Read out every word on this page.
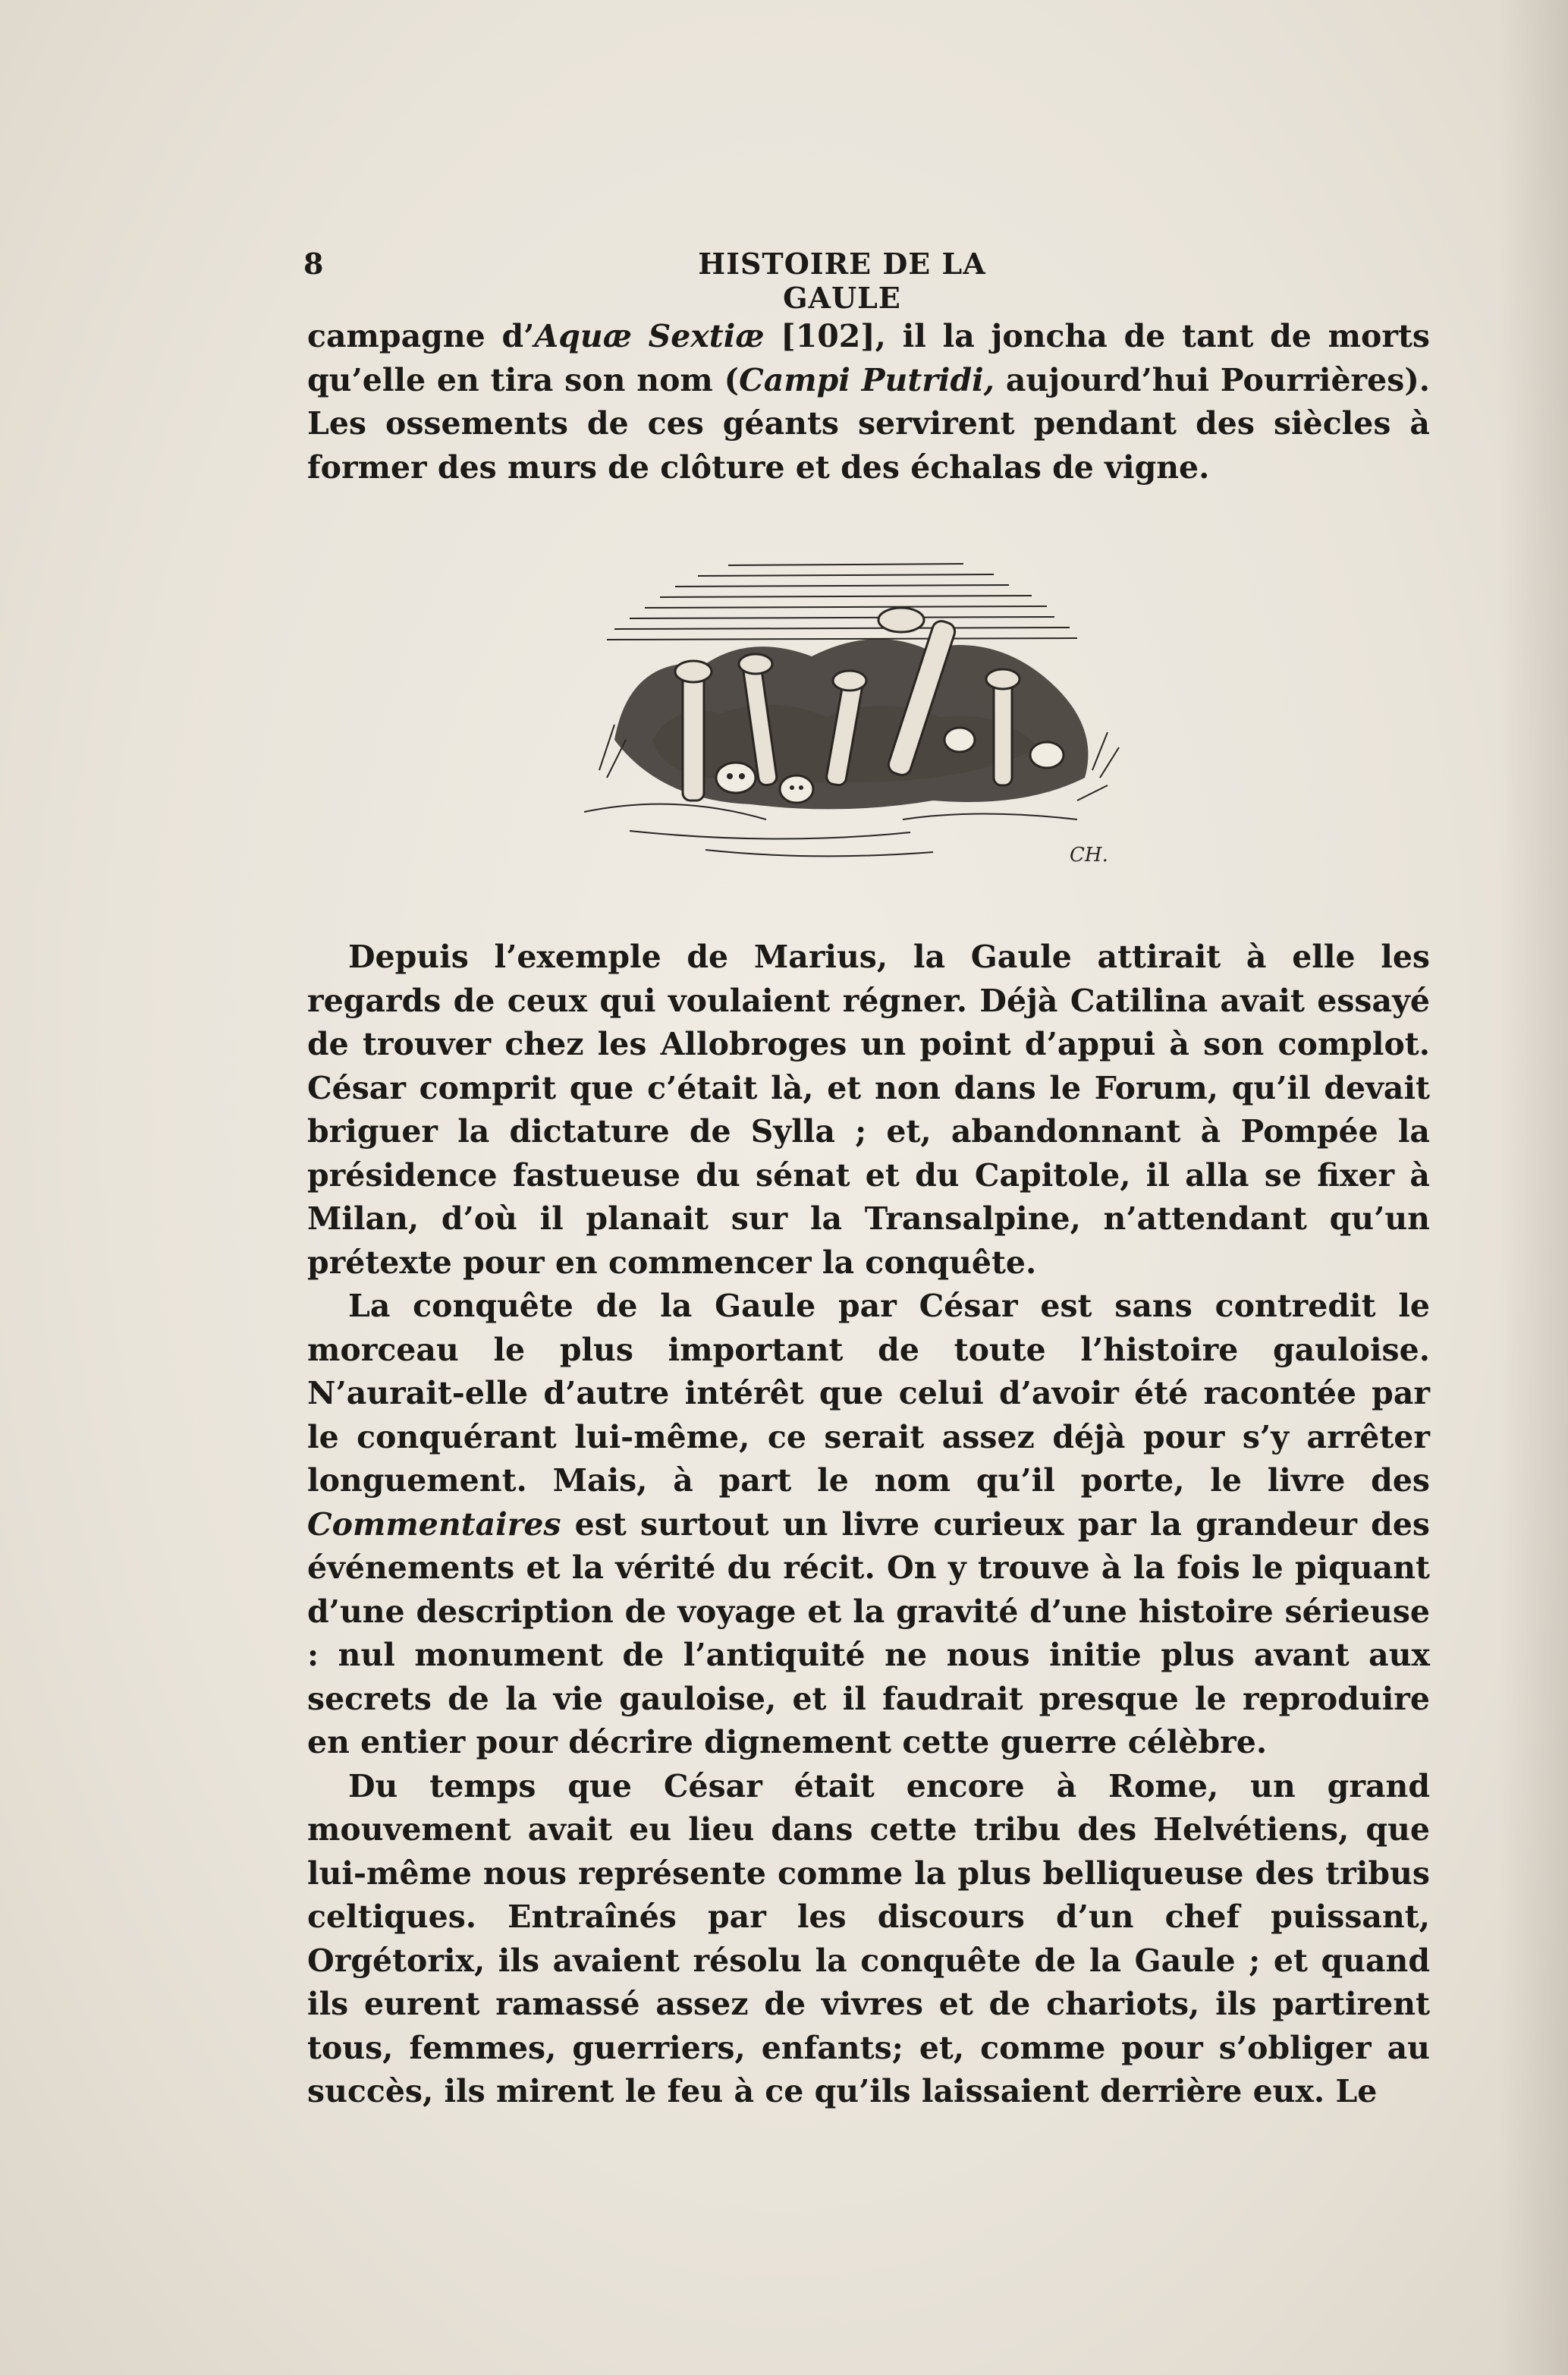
8	HISTOIRE DE LA GAULE

campagne d’Aquæ Sextiæ [102], il la joncha de tant de morts qu’elle en tira son nom (Campi Putridi, aujourd’hui Pourrières). Les ossements de ces géants servirent pendant des siècles à former des murs de clôture et des échalas de vigne.

CH.

Depuis l’exemple de Marius, la Gaule attirait à elle les regards de ceux qui voulaient régner. Déjà Catilina avait essayé de trouver chez les Allobroges un point d’appui à son complot. César comprit que c’était là, et non dans le Forum, qu’il devait briguer la dictature de Sylla ; et, abandonnant à Pompée la présidence fastueuse du sénat et du Capitole, il alla se fixer à Milan, d’où il planait sur la Transalpine, n’attendant qu’un prétexte pour en commencer la conquête.

La conquête de la Gaule par César est sans contredit le morceau le plus important de toute l’histoire gauloise. N’aurait-elle d’autre intérêt que celui d’avoir été racontée par le conquérant lui-même, ce serait assez déjà pour s’y arrêter longuement. Mais, à part le nom qu’il porte, le livre des Commentaires est surtout un livre curieux par la grandeur des événements et la vérité du récit. On y trouve à la fois le piquant d’une description de voyage et la gravité d’une histoire sérieuse : nul monument de l’antiquité ne nous initie plus avant aux secrets de la vie gauloise, et il faudrait presque le reproduire en entier pour décrire dignement cette guerre célèbre.

Du temps que César était encore à Rome, un grand mouvement avait eu lieu dans cette tribu des Helvétiens, que lui-même nous représente comme la plus belliqueuse des tribus celtiques. Entraînés par les discours d’un chef puissant, Orgétorix, ils avaient résolu la conquête de la Gaule ; et quand ils eurent ramassé assez de vivres et de chariots, ils partirent tous, femmes, guerriers, enfants; et, comme pour s’obliger au succès, ils mirent le feu à ce qu’ils laissaient derrière eux. Le
